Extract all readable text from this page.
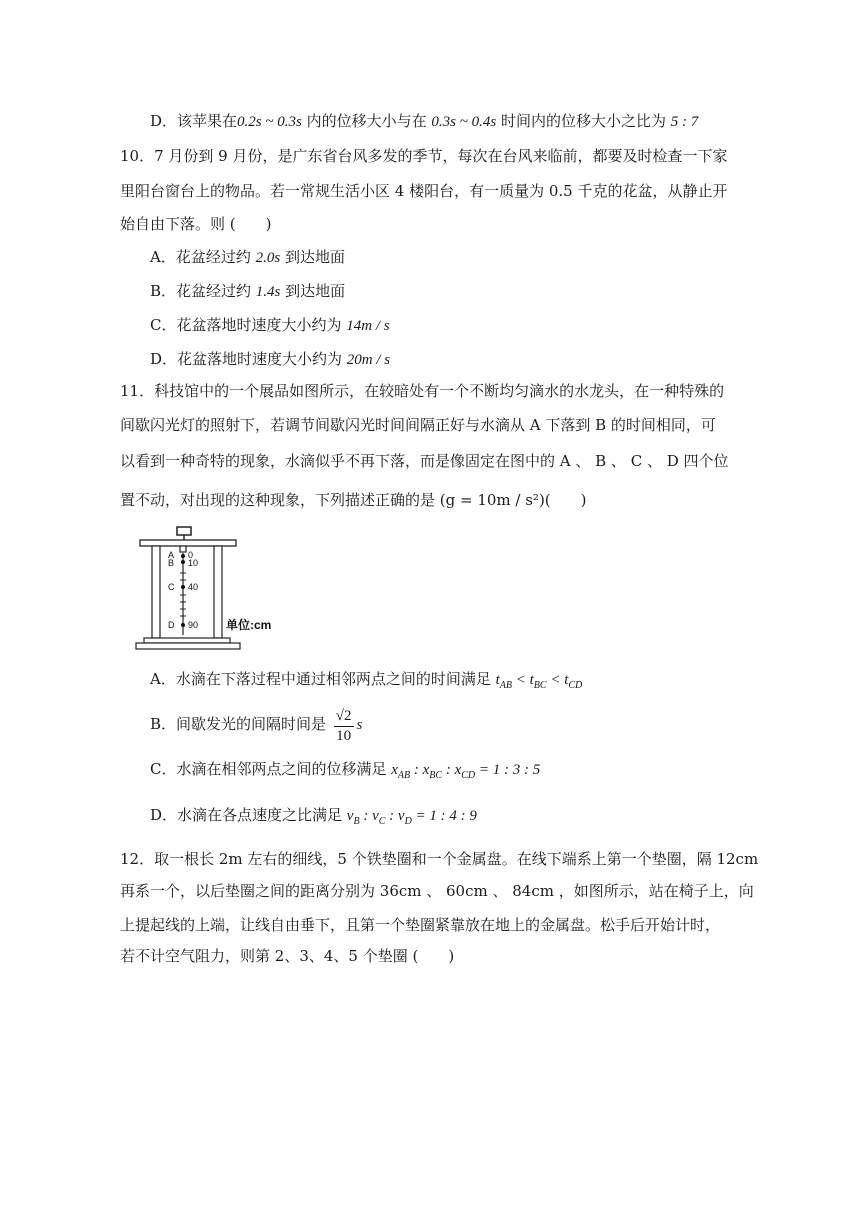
D．该苹果在0.2s ~ 0.3s 内的位移大小与在 0.3s ~ 0.4s 时间内的位移大小之比为 5 : 7
10．7 月份到 9 月份，是广东省台风多发的季节，每次在台风来临前，都要及时检查一下家
里阳台窗台上的物品。若一常规生活小区 4 楼阳台，有一质量为 0.5 千克的花盆，从静止开
始自由下落。则 (　　)
A．花盆经过约 2.0s 到达地面
B．花盆经过约 1.4s 到达地面
C．花盆落地时速度大小约为 14m / s
D．花盆落地时速度大小约为 20m / s
11．科技馆中的一个展品如图所示，在较暗处有一个不断均匀滴水的水龙头，在一种特殊的
间歇闪光灯的照射下，若调节间歇闪光时间间隔正好与水滴从 A 下落到 B 的时间相同，可
以看到一种奇特的现象，水滴似乎不再下落，而是像固定在图中的 A 、 B 、 C 、 D 四个位
置不动，对出现的这种现象，下列描述正确的是 (g = 10m / s²)(　　)
A
B
C
D
0
10
40
90 单位:cm
A．水滴在下落过程中通过相邻两点之间的时间满足 $t_{AB} < t_{BC} < t_{CD}$
B．间歇发光的间隔时间是 $\frac{√2}{10}$ s
C．水滴在相邻两点之间的位移满足 $x_{AB}$ : $x_{BC}$ : $x_{CD} = 1$ : 3 : 5
D．水滴在各点速度之比满足 $v_B$ : $v_C$ : $v_D = 1$ : 4 : 9
12．取一根长 2m 左右的细线，5 个铁垫圈和一个金属盘。在线下端系上第一个垫圈，隔 12cm
再系一个，以后垫圈之间的距离分别为 36cm 、 60cm 、 84cm ，如图所示，站在椅子上，向
上提起线的上端，让线自由垂下，且第一个垫圈紧靠放在地上的金属盘。松手后开始计时，
若不计空气阻力，则第 2、3、4、5 个垫圈 (　　)
